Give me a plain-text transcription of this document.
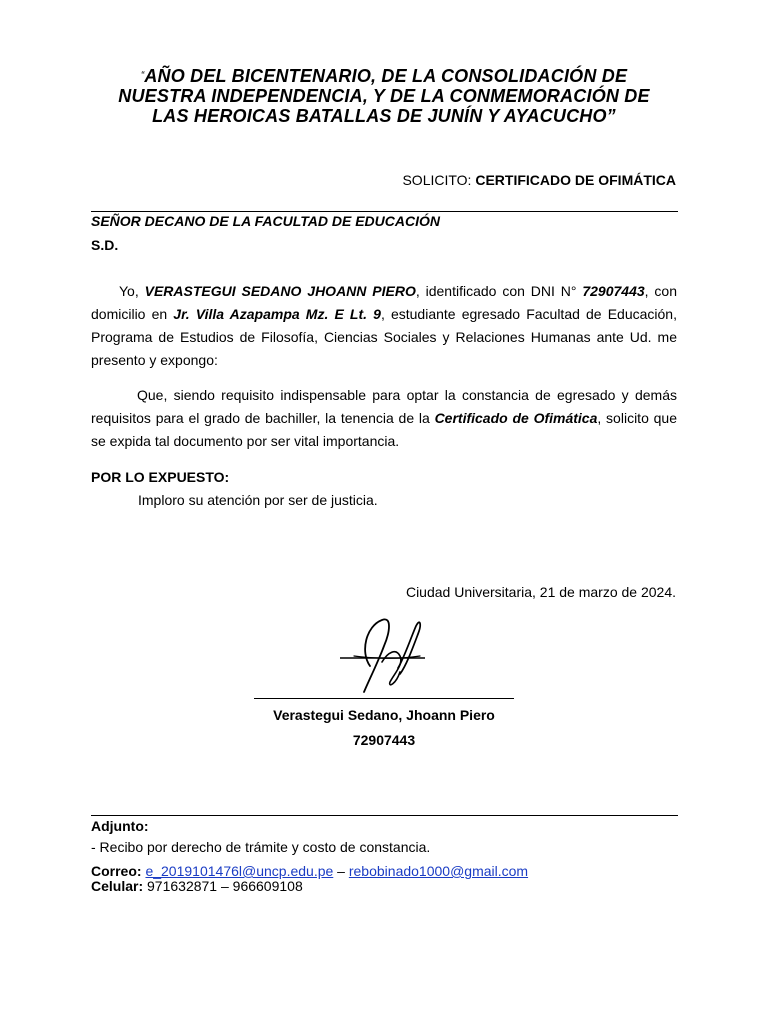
“AÑO DEL BICENTENARIO, DE LA CONSOLIDACIÓN DE
NUESTRA INDEPENDENCIA, Y DE LA CONMEMORACIÓN DE
LAS HEROICAS BATALLAS DE JUNÍN Y AYACUCHO”
SOLICITO: CERTIFICADO DE OFIMÁTICA
SEÑOR DECANO DE LA FACULTAD DE EDUCACIÓN
S.D.
Yo, VERASTEGUI SEDANO JHOANN PIERO, identificado con DNI N° 72907443, con domicilio en Jr. Villa Azapampa Mz. E Lt. 9, estudiante egresado Facultad de Educación, Programa de Estudios de Filosofía, Ciencias Sociales y Relaciones Humanas ante Ud. me presento y expongo:
Que, siendo requisito indispensable para optar la constancia de egresado y demás requisitos para el grado de bachiller, la tenencia de la Certificado de Ofimática, solicito que se expida tal documento por ser vital importancia.
POR LO EXPUESTO:
Imploro su atención por ser de justicia.
Ciudad Universitaria, 21 de marzo de 2024.
Verastegui Sedano, Jhoann Piero
72907443
Adjunto:
- Recibo por derecho de trámite y costo de constancia.
Correo: e_2019101476l@uncp.edu.pe – rebobinado1000@gmail.com
Celular: 971632871 – 966609108
